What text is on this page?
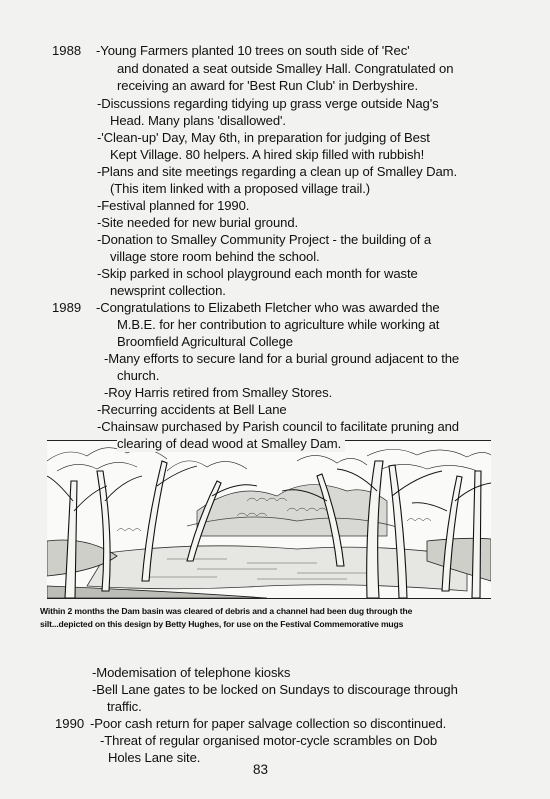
1988 -Young Farmers planted 10 trees on south side of 'Rec'
and donated a seat outside Smalley Hall. Congratulated on
receiving an award for 'Best Run Club' in Derbyshire.
-Discussions regarding tidying up grass verge outside Nag's
Head. Many plans 'disallowed'.
-'Clean-up' Day, May 6th, in preparation for judging of Best
Kept Village. 80 helpers. A hired skip filled with rubbish!
-Plans and site meetings regarding a clean up of Smalley Dam.
(This item linked with a proposed village trail.)
-Festival planned for 1990.
-Site needed for new burial ground.
-Donation to Smalley Community Project - the building of a
village store room behind the school.
-Skip parked in school playground each month for waste
newsprint collection.
1989 -Congratulations to Elizabeth Fletcher who was awarded the
M.B.E. for her contribution to agriculture while working at
Broomfield Agricultural College
-Many efforts to secure land for a burial ground adjacent to the
church.
-Roy Harris retired from Smalley Stores.
-Recurring accidents at Bell Lane
-Chainsaw purchased by Parish council to facilitate pruning and
clearing of dead wood at Smalley Dam.
Within 2 months the Dam basin was cleared of debris and a channel had been dug through the
silt...depicted on this design by Betty Hughes, for use on the Festival Commemorative mugs
-Modemisation of telephone kiosks
-Bell Lane gates to be locked on Sundays to discourage through
traffic.
1990 -Poor cash return for paper salvage collection so discontinued.
-Threat of regular organised motor-cycle scrambles on Dob
Holes Lane site.
83
